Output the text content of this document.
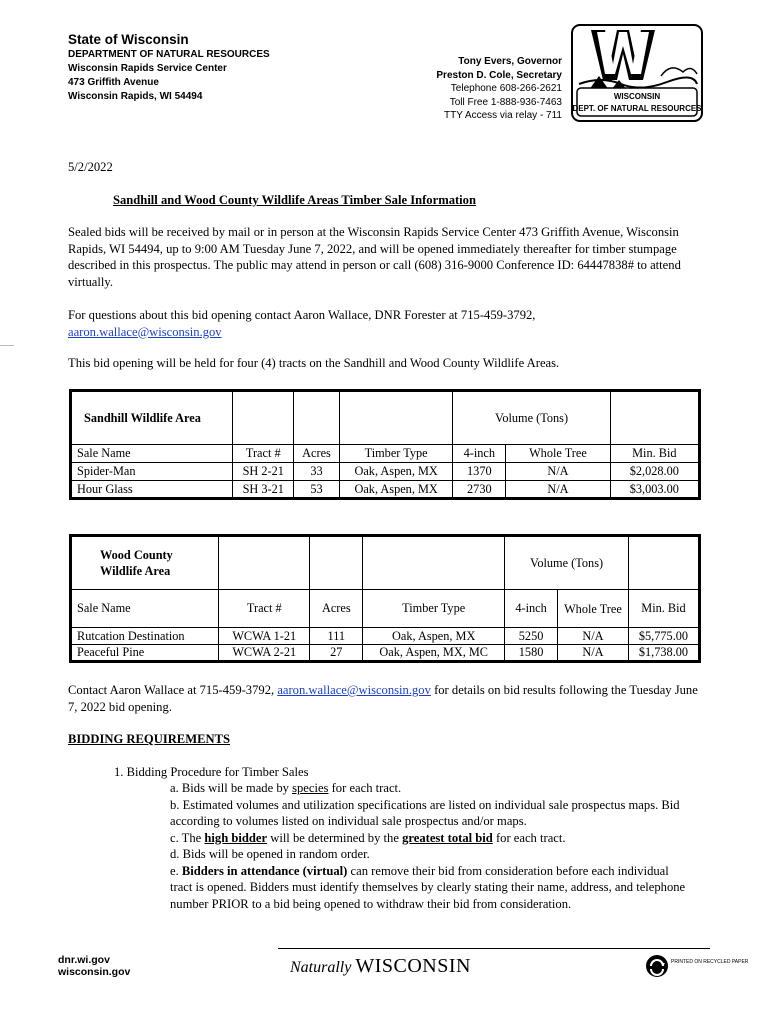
State of Wisconsin
DEPARTMENT OF NATURAL RESOURCES
Wisconsin Rapids Service Center
473 Griffith Avenue
Wisconsin Rapids, WI 54494
Tony Evers, Governor
Preston D. Cole, Secretary
Telephone 608-266-2621
Toll Free 1-888-936-7463
TTY Access via relay - 711
WISCONSIN
DEPT. OF NATURAL RESOURCES
5/2/2022
Sandhill and Wood County Wildlife Areas Timber Sale Information
Sealed bids will be received by mail or in person at the Wisconsin Rapids Service Center 473 Griffith Avenue, Wisconsin Rapids, WI 54494, up to 9:00 AM Tuesday June 7, 2022, and will be opened immediately thereafter for timber stumpage described in this prospectus. The public may attend in person or call (608) 316-9000 Conference ID: 64447838# to attend virtually.
For questions about this bid opening contact Aaron Wallace, DNR Forester at 715-459-3792,
aaron.wallace@wisconsin.gov
This bid opening will be held for four (4) tracts on the Sandhill and Wood County Wildlife Areas.
Sandhill Wildlife Area				Volume (Tons)		
Sale Name	Tract #	Acres	Timber Type	4-inch	Whole Tree	Min. Bid
Spider-Man	SH 2-21	33	Oak, Aspen, MX	1370	N/A	$2,028.00
Hour Glass	SH 3-21	53	Oak, Aspen, MX	2730	N/A	$3,003.00
Wood County Wildlife Area				Volume (Tons)		
Sale Name	Tract #	Acres	Timber Type	4-inch	Whole Tree	Min. Bid
Rutcation Destination	WCWA 1-21	111	Oak, Aspen, MX	5250	N/A	$5,775.00
Peaceful Pine	WCWA 2-21	27	Oak, Aspen, MX, MC	1580	N/A	$1,738.00
Contact Aaron Wallace at 715-459-3792, aaron.wallace@wisconsin.gov for details on bid results following the Tuesday June 7, 2022 bid opening.
BIDDING REQUIREMENTS
1. Bidding Procedure for Timber Sales

a. Bids will be made by species for each tract.

b. Estimated volumes and utilization specifications are listed on individual sale prospectus maps. Bid according to volumes listed on individual sale prospectus and/or maps.

c. The high bidder will be determined by the greatest total bid for each tract.

d. Bids will be opened in random order.

e. Bidders in attendance (virtual) can remove their bid from consideration before each individual tract is opened. Bidders must identify themselves by clearly stating their name, address, and telephone number PRIOR to a bid being opened to withdraw their bid from consideration.

dnr.wi.gov
wisconsin.gov	Naturally WISCONSIN	PRINTED ON RECYCLED PAPER
